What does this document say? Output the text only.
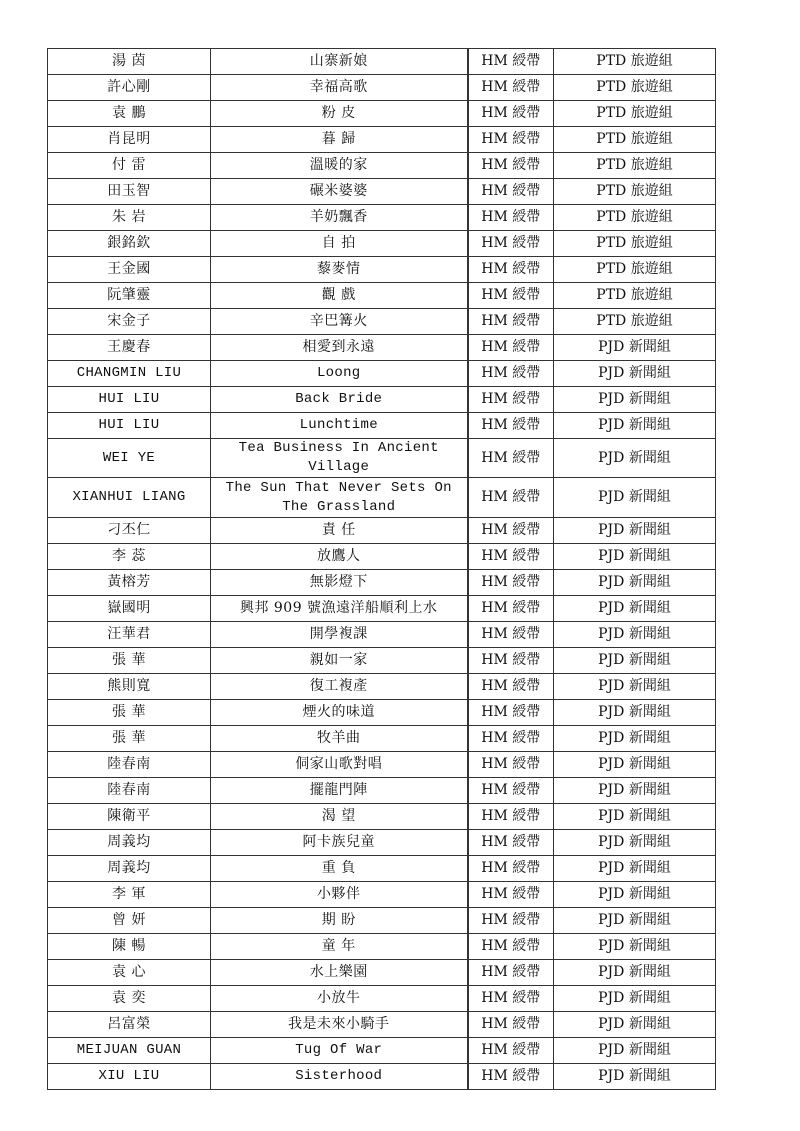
湯 茵	山寨新娘	HM 綬帶	PTD 旅遊組
許心剛	幸福高歌	HM 綬帶	PTD 旅遊組
袁 鵬	粉 皮	HM 綬帶	PTD 旅遊組
肖昆明	暮 歸	HM 綬帶	PTD 旅遊組
付 雷	溫暖的家	HM 綬帶	PTD 旅遊組
田玉智	碾米婆婆	HM 綬帶	PTD 旅遊組
朱 岩	羊奶飄香	HM 綬帶	PTD 旅遊組
銀銘欽	自 拍	HM 綬帶	PTD 旅遊組
王金國	藜麥情	HM 綬帶	PTD 旅遊組
阮肇靈	觀 戲	HM 綬帶	PTD 旅遊組
宋金子	辛巴篝火	HM 綬帶	PTD 旅遊組
王慶春	相愛到永遠	HM 綬帶	PJD 新聞組
CHANGMIN LIU	Loong	HM 綬帶	PJD 新聞組
HUI LIU	Back Bride	HM 綬帶	PJD 新聞組
HUI LIU	Lunchtime	HM 綬帶	PJD 新聞組
WEI YE	Tea Business In Ancient Village	HM 綬帶	PJD 新聞組
XIANHUI LIANG	The Sun That Never Sets On The Grassland	HM 綬帶	PJD 新聞組
刁丕仁	責 任	HM 綬帶	PJD 新聞組
李 蕊	放鷹人	HM 綬帶	PJD 新聞組
黃榕芳	無影燈下	HM 綬帶	PJD 新聞組
嶽國明	興邦 909 號漁遠洋船順利上水	HM 綬帶	PJD 新聞組
汪華君	開學複課	HM 綬帶	PJD 新聞組
張 華	親如一家	HM 綬帶	PJD 新聞組
熊則寬	復工複產	HM 綬帶	PJD 新聞組
張 華	煙火的味道	HM 綬帶	PJD 新聞組
張 華	牧羊曲	HM 綬帶	PJD 新聞組
陸春南	侗家山歌對唱	HM 綬帶	PJD 新聞組
陸春南	擺龍門陣	HM 綬帶	PJD 新聞組
陳衛平	渴 望	HM 綬帶	PJD 新聞組
周義均	阿卡族兒童	HM 綬帶	PJD 新聞組
周義均	重 負	HM 綬帶	PJD 新聞組
李 軍	小夥伴	HM 綬帶	PJD 新聞組
曾 妍	期 盼	HM 綬帶	PJD 新聞組
陳 暢	童 年	HM 綬帶	PJD 新聞組
袁 心	水上樂園	HM 綬帶	PJD 新聞組
袁 奕	小放牛	HM 綬帶	PJD 新聞組
呂富榮	我是未來小騎手	HM 綬帶	PJD 新聞組
MEIJUAN GUAN	Tug Of War	HM 綬帶	PJD 新聞組
XIU LIU	Sisterhood	HM 綬帶	PJD 新聞組
